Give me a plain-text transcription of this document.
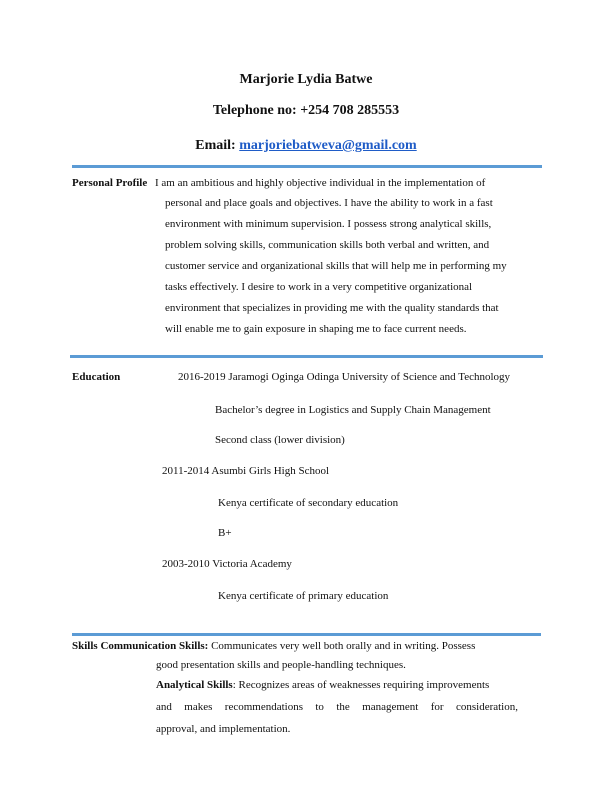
Marjorie Lydia Batwe
Telephone no: +254 708 285553
Email: marjoriebatweva@gmail.com
Personal Profile I am an ambitious and highly objective individual in the implementation of
personal and place goals and objectives. I have the ability to work in a fast
environment with minimum supervision. I possess strong analytical skills,
problem solving skills, communication skills both verbal and written, and
customer service and organizational skills that will help me in performing my
tasks effectively. I desire to work in a very competitive organizational
environment that specializes in providing me with the quality standards that
will enable me to gain exposure in shaping me to face current needs.
Education	2016-2019 Jaramogi Oginga Odinga University of Science and Technology
Bachelor’s degree in Logistics and Supply Chain Management
Second class (lower division)
2011-2014 Asumbi Girls High School
Kenya certificate of secondary education
B+
2003-2010 Victoria Academy
Kenya certificate of primary education
Skills Communication Skills: Communicates very well both orally and in writing. Possess
good presentation skills and people-handling techniques.
Analytical Skills: Recognizes areas of weaknesses requiring improvements
and makes recommendations to the management for consideration,
approval, and implementation.
